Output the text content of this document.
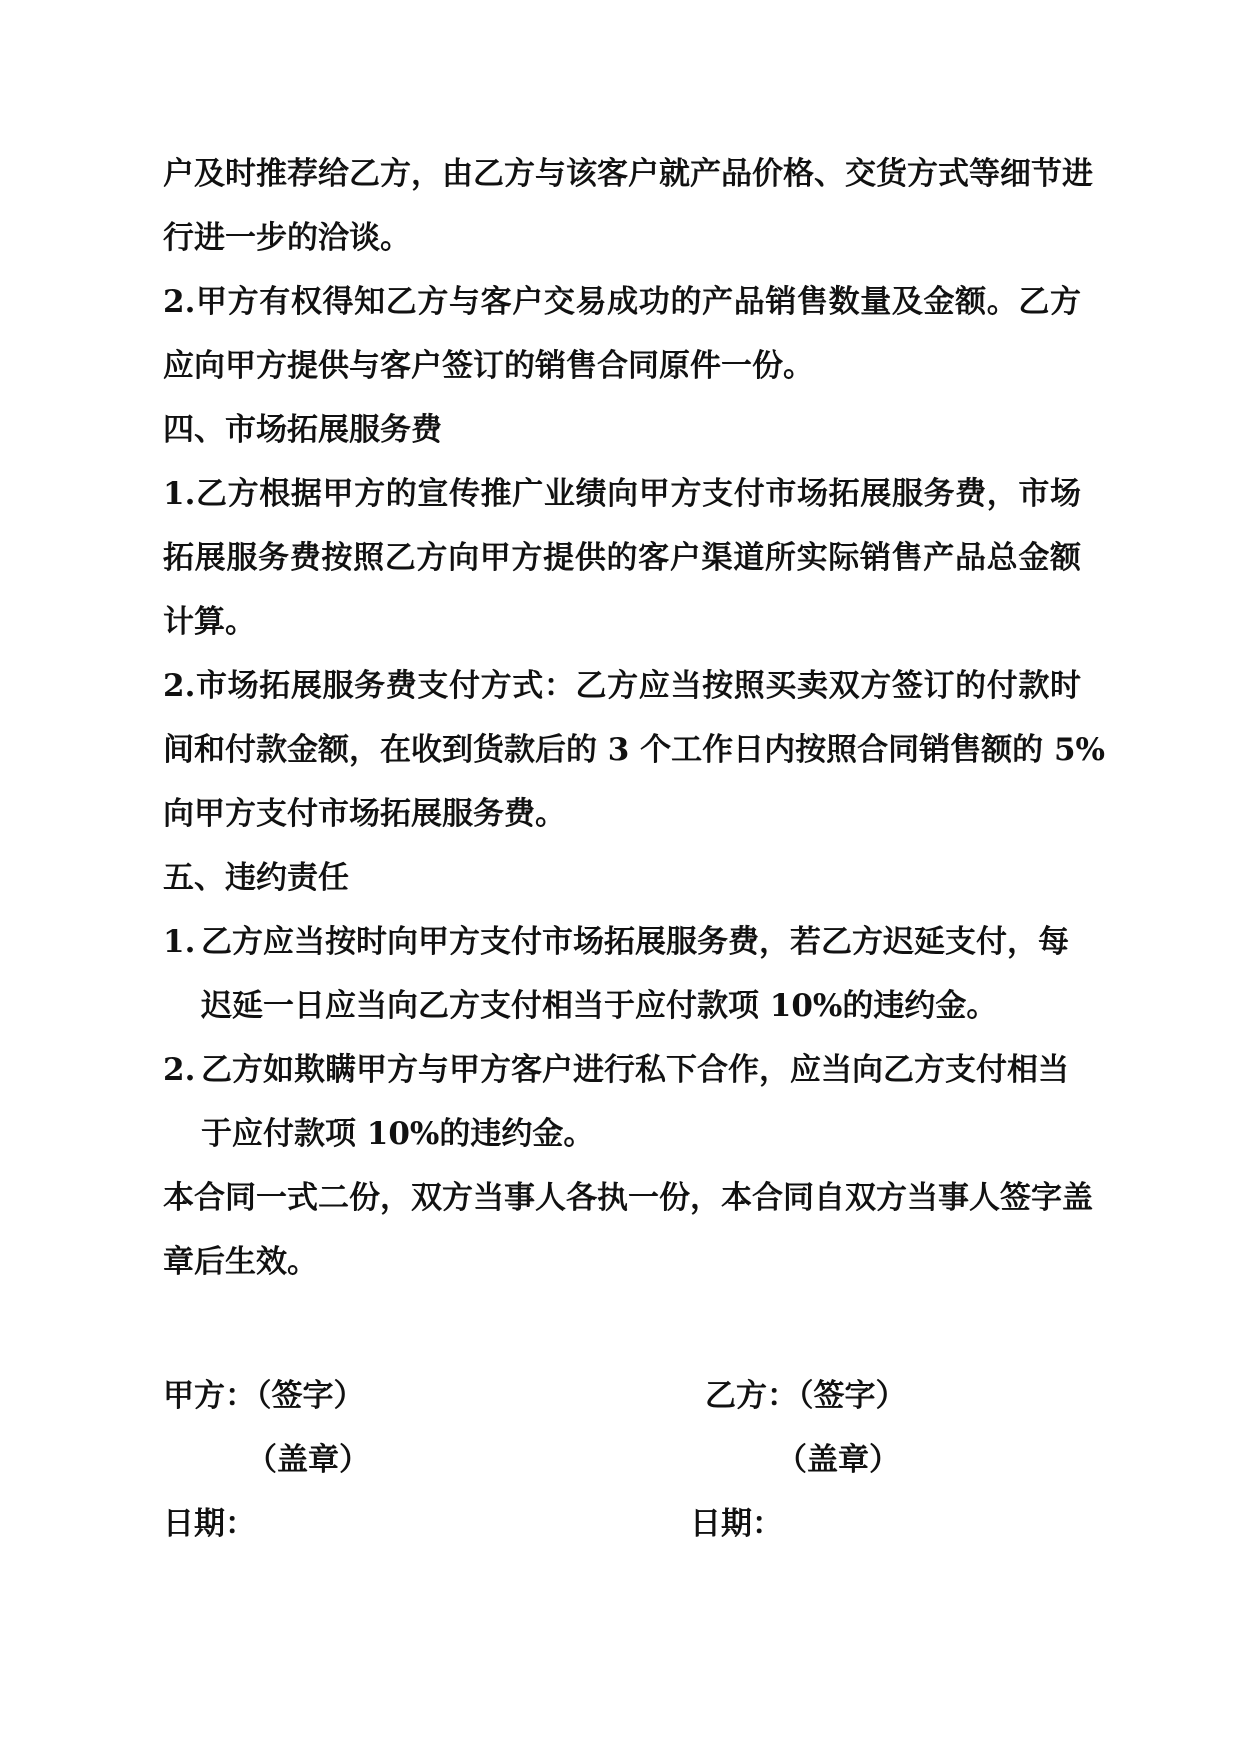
户及时推荐给乙方，由乙方与该客户就产品价格、交货方式等细节进
行进一步的洽谈。
2.甲方有权得知乙方与客户交易成功的产品销售数量及金额。乙方
应向甲方提供与客户签订的销售合同原件一份。
四、市场拓展服务费
1.乙方根据甲方的宣传推广业绩向甲方支付市场拓展服务费，市场
拓展服务费按照乙方向甲方提供的客户渠道所实际销售产品总金额
计算。
2.市场拓展服务费支付方式：乙方应当按照买卖双方签订的付款时
间和付款金额，在收到货款后的 3 个工作日内按照合同销售额的 5%
向甲方支付市场拓展服务费。
五、违约责任
1. 乙方应当按时向甲方支付市场拓展服务费，若乙方迟延支付，每
迟延一日应当向乙方支付相当于应付款项 10%的违约金。
2. 乙方如欺瞒甲方与甲方客户进行私下合作，应当向乙方支付相当
于应付款项 10%的违约金。
本合同一式二份，双方当事人各执一份，本合同自双方当事人签字盖
章后生效。
甲方：（签字）
（盖章）
日期：
乙方：（签字）
（盖章）
日期：
